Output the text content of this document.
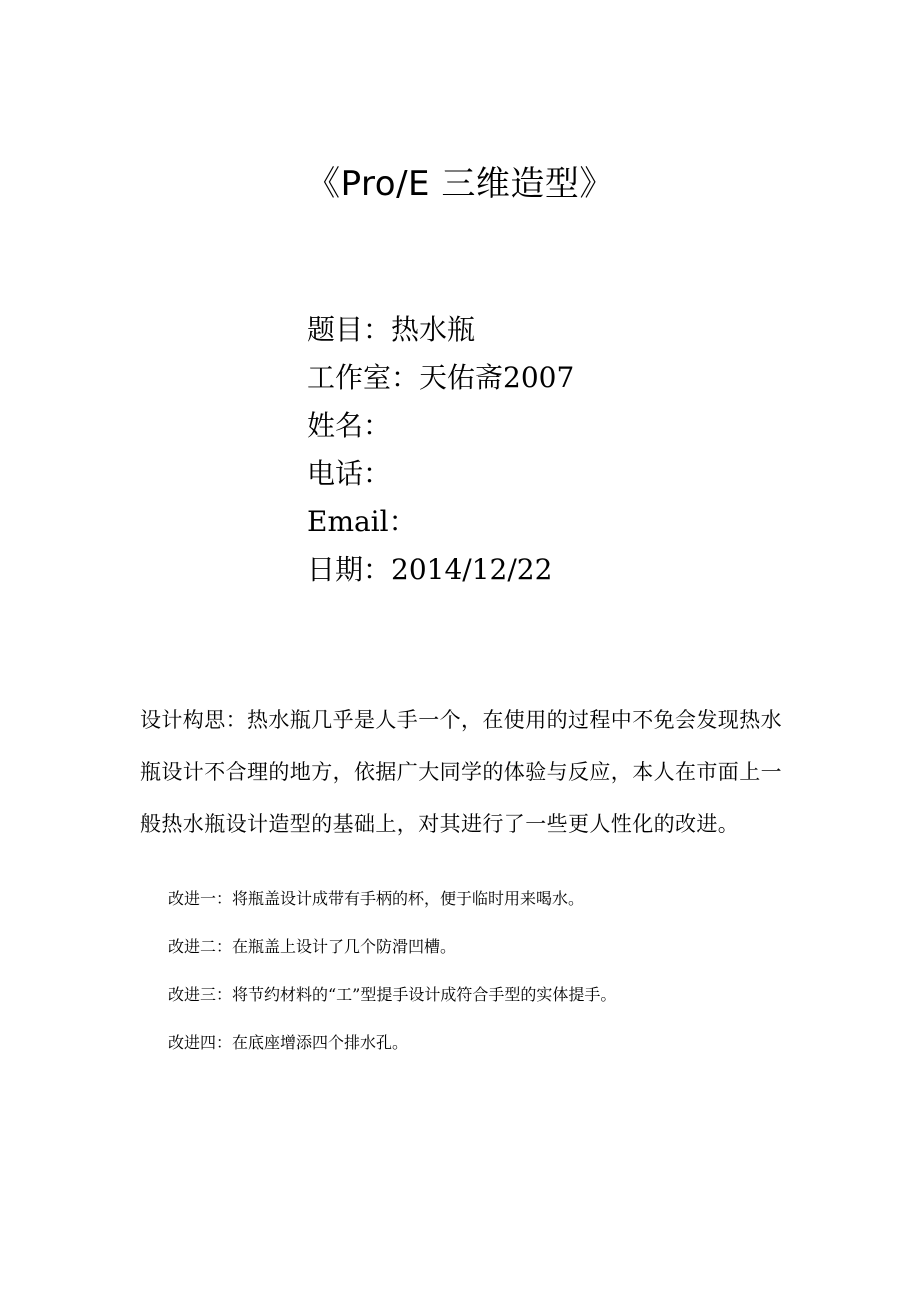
《Pro/E 三维造型》
题目：热水瓶
工作室：天佑斋2007
姓名：
电话：
Email：
日期：2014/12/22

设计构思：热水瓶几乎是人手一个，在使用的过程中不免会发现热水瓶设计不合理的地方，依据广大同学的体验与反应，本人在市面上一般热水瓶设计造型的基础上，对其进行了一些更人性化的改进。

改进一：将瓶盖设计成带有手柄的杯，便于临时用来喝水。
改进二：在瓶盖上设计了几个防滑凹槽。
改进三：将节约材料的“工”型提手设计成符合手型的实体提手。
改进四：在底座增添四个排水孔。
